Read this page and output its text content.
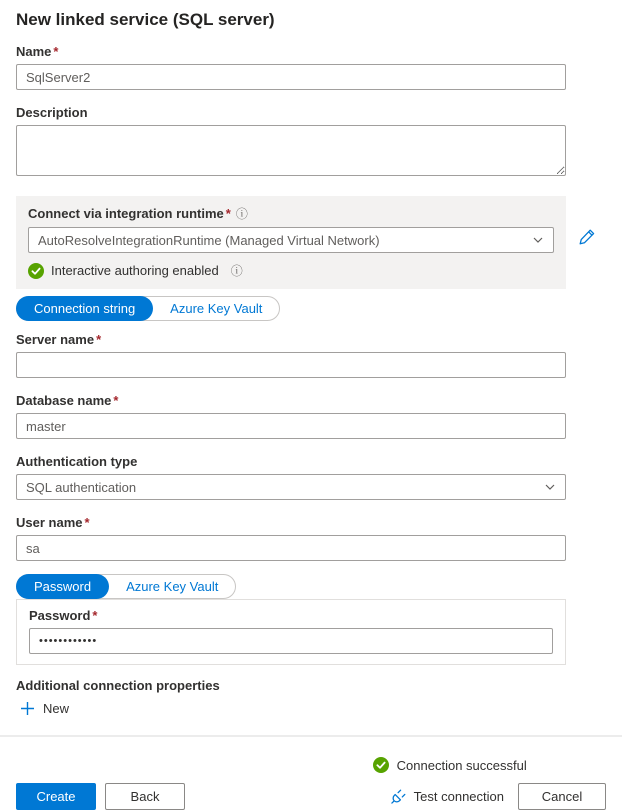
New linked service (SQL server)
Name *
SqlServer2
Description
Connect via integration runtime * ⓘ
AutoResolveIntegrationRuntime (Managed Virtual Network)
Interactive authoring enabled ⓘ
Connection string	Azure Key Vault
Server name *
Database name *
master
Authentication type
SQL authentication
User name *
sa
Password	Azure Key Vault
Password *
••••••••••••
Additional connection properties
New
Create	Back
Connection successful
Test connection	Cancel
